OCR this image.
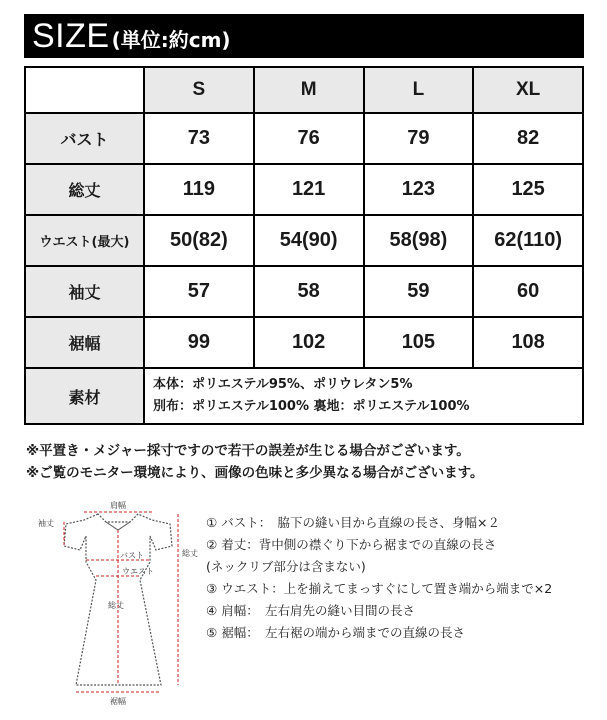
SIZE (単位:約cm)
	S	M	L	XL
バスト	73	76	79	82
総丈	119	121	123	125
ウエスト(最大)	50(82)	54(90)	58(98)	62(110)
袖丈	57	58	59	60
裾幅	99	102	105	108
素材	本体：ポリエステル95%、ポリウレタン5%
別布：ポリエステル100% 裏地：ポリエステル100%			
※平置き・メジャー採寸ですので若干の誤差が生じる場合がございます。
※ご覧のモニター環境により、画像の色味と多少異なる場合がございます。
肩幅
袖丈
バスト
ウエスト
総丈
総丈
裾幅
① バスト：　脇下の縫い目から直線の長さ、身幅×２
② 着丈：背中側の襟ぐり下から裾までの直線の長さ
(ネックリブ部分は含まない)
③ ウエスト：上を揃えてまっすぐにして置き端から端まで×2
④ 肩幅：　左右肩先の縫い目間の長さ
⑤ 裾幅：　左右裾の端から端までの直線の長さ
